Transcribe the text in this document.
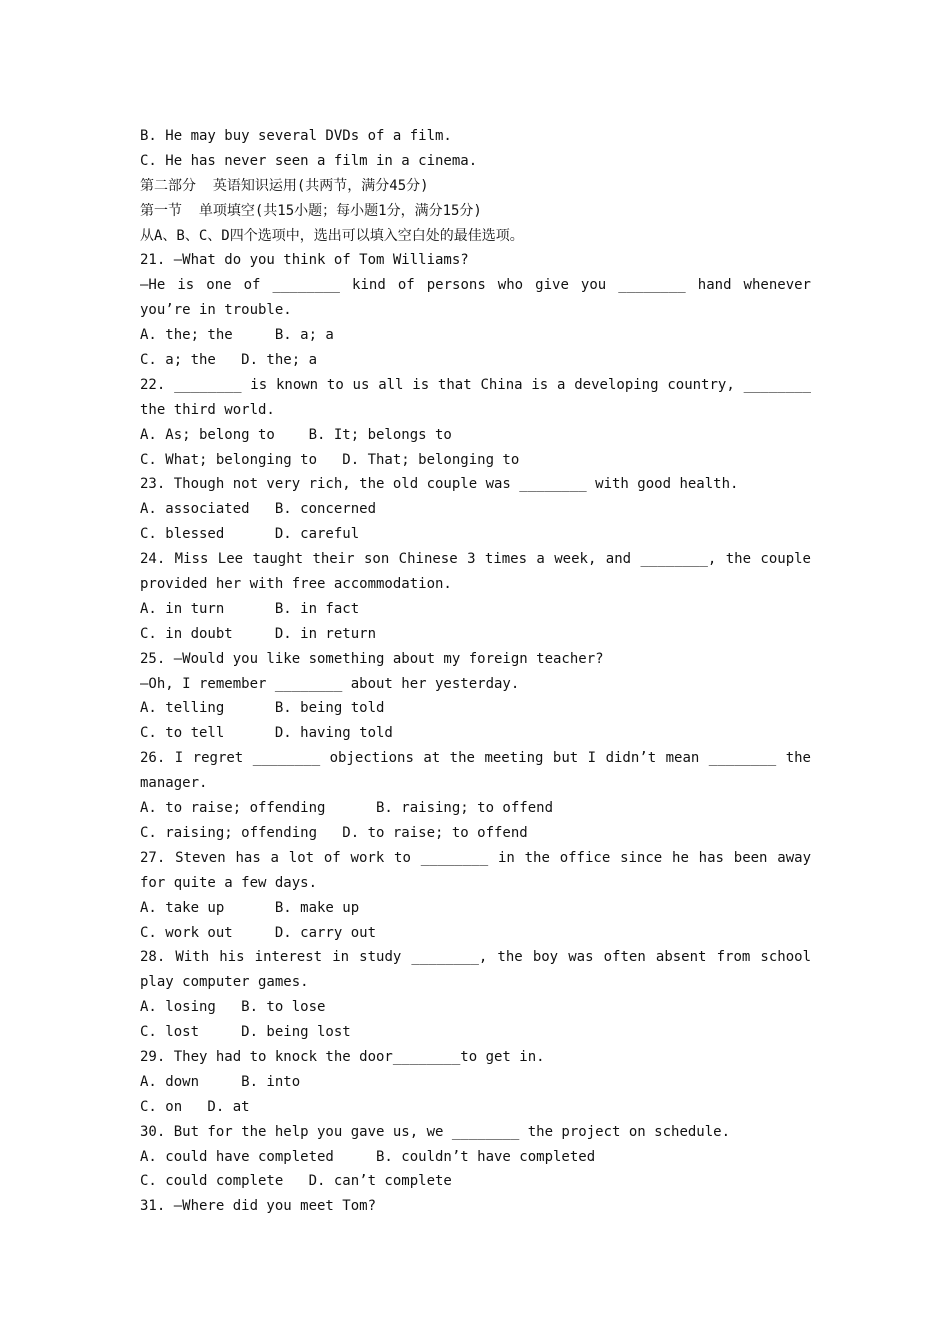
B. He may buy several DVDs of a film.
C. He has never seen a film in a cinema.
第二部分  英语知识运用(共两节，满分45分)
第一节  单项填空(共15小题；每小题1分，满分15分)
从A、B、C、D四个选项中，选出可以填入空白处的最佳选项。
21. —What do you think of Tom Williams?
—He is one of ________ kind of persons who give you ________ hand whenever
you’re in trouble.
A. the; the     B. a; a
C. a; the   D. the; a
22. ________ is known to us all is that China is a developing country, ________
the third world.
A. As; belong to    B. It; belongs to
C. What; belonging to   D. That; belonging to
23. Though not very rich, the old couple was ________ with good health.
A. associated   B. concerned
C. blessed      D. careful
24. Miss Lee taught their son Chinese 3 times a week, and ________, the couple
provided her with free accommodation.
A. in turn      B. in fact
C. in doubt     D. in return
25. —Would you like something about my foreign teacher?
—Oh, I remember ________ about her yesterday.
A. telling      B. being told
C. to tell      D. having told
26. I regret ________ objections at the meeting but I didn’t mean ________ the
manager.
A. to raise; offending      B. raising; to offend
C. raising; offending   D. to raise; to offend
27. Steven has a lot of work to ________ in the office since he has been away
for quite a few days.
A. take up      B. make up
C. work out     D. carry out
28. With his interest in study ________, the boy was often absent from school
play computer games.
A. losing   B. to lose
C. lost     D. being lost
29. They had to knock the door________to get in.
A. down     B. into
C. on   D. at
30. But for the help you gave us, we ________ the project on schedule.
A. could have completed     B. couldn’t have completed
C. could complete   D. can’t complete
31. —Where did you meet Tom?
